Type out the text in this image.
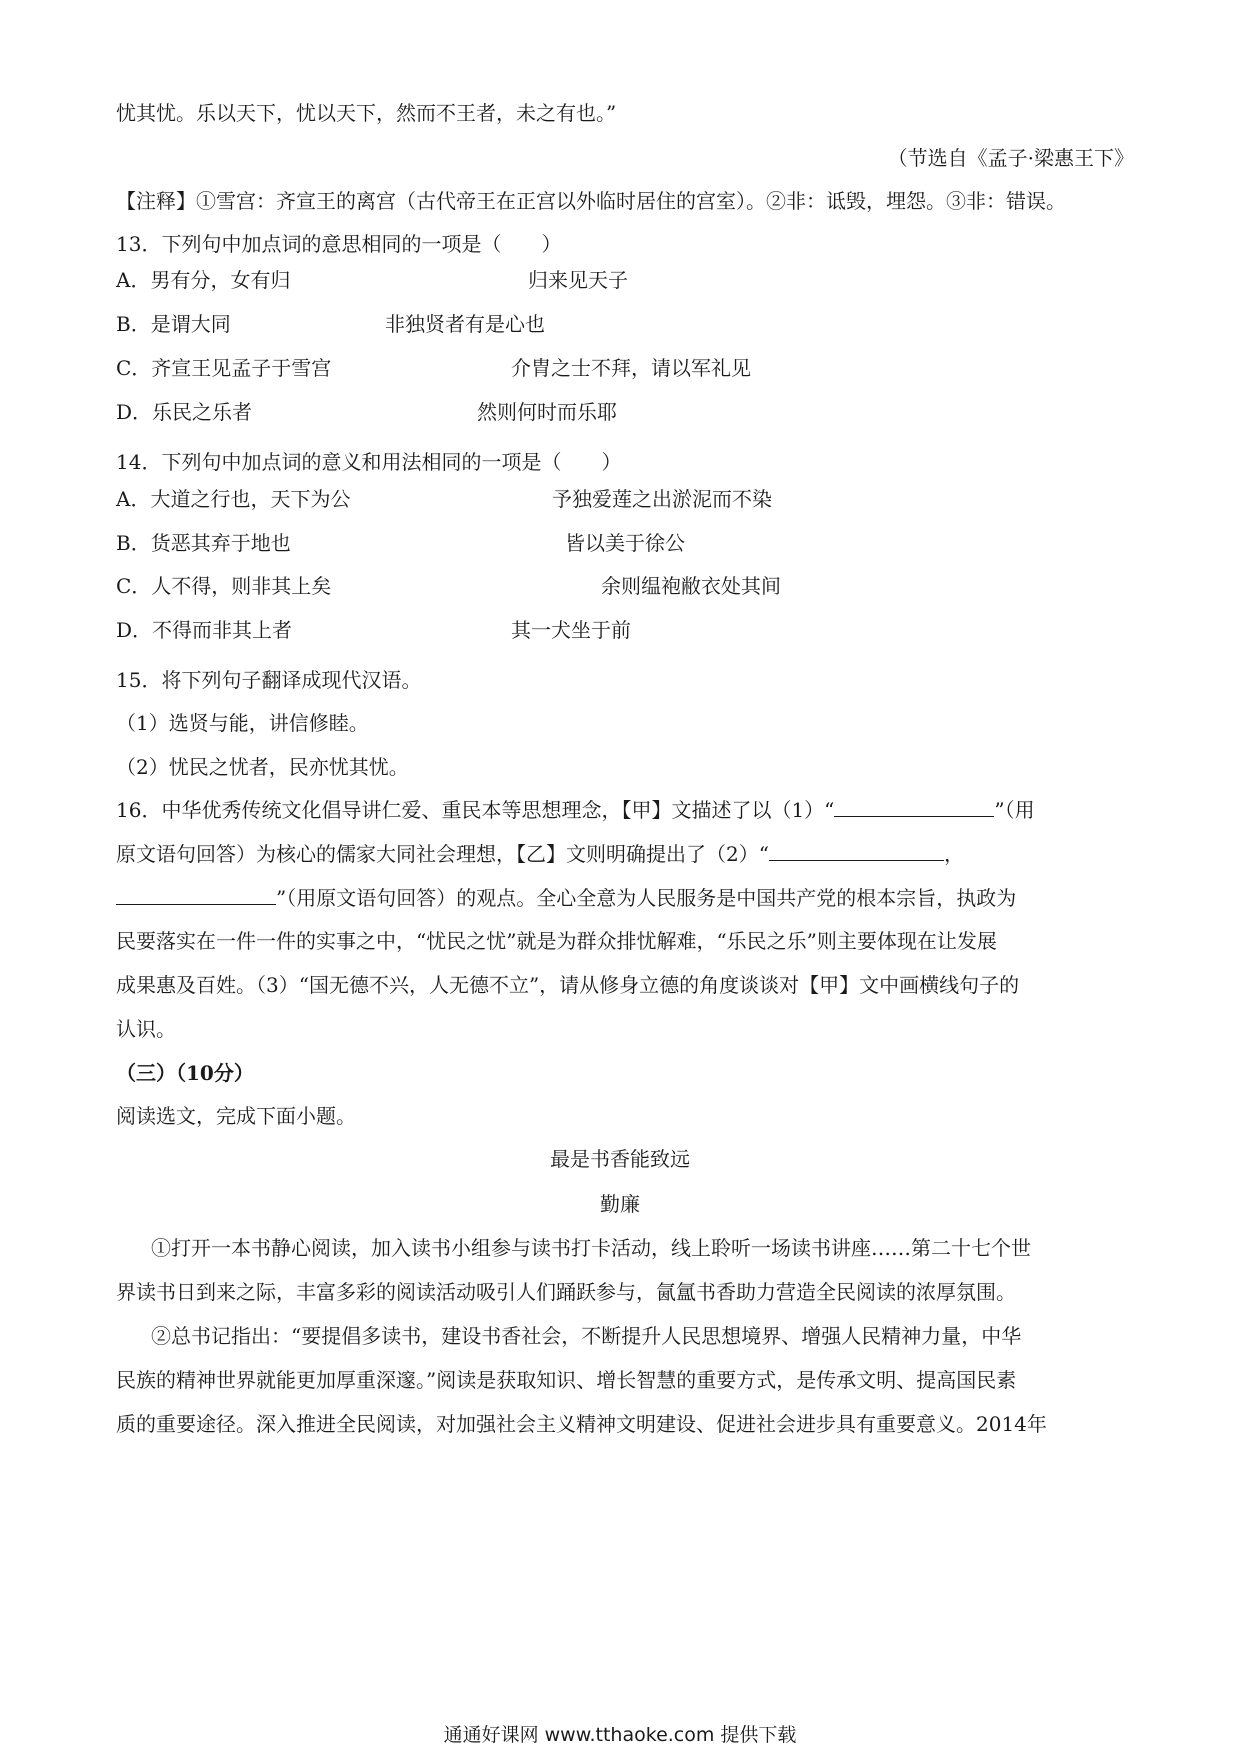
忧其忧。乐以天下，忧以天下，然而不王者，未之有也。”
（节选自《孟子·梁惠王下》
【注释】①雪宫：齐宣王的离宫（古代帝王在正宫以外临时居住的宫室）。②非：诋毁，埋怨。③非：错误。
13．下列句中加点词的意思相同的一项是（　　）
A．男有分，女有归	归来见天子
B．是谓大同	非独贤者有是心也
C．齐宣王见孟子于雪宫	介胄之士不拜，请以军礼见
D．乐民之乐者	然则何时而乐耶
14．下列句中加点词的意义和用法相同的一项是（　　）
A．大道之行也，天下为公	予独爱莲之出淤泥而不染
B．货恶其弃于地也	皆以美于徐公
C．人不得，则非其上矣	余则缊袍敝衣处其间
D．不得而非其上者	其一犬坐于前
15．将下列句子翻译成现代汉语。
（1）选贤与能，讲信修睦。
（2）忧民之忧者，民亦忧其忧。
16．中华优秀传统文化倡导讲仁爱、重民本等思想理念，【甲】文描述了以（1）“	”（用
原文语句回答）为核心的儒家大同社会理想，【乙】文则明确提出了（2）“	，
”（用原文语句回答）的观点。全心全意为人民服务是中国共产党的根本宗旨，执政为
民要落实在一件一件的实事之中，“忧民之忧”就是为群众排忧解难，“乐民之乐”则主要体现在让发展
成果惠及百姓。（3）“国无德不兴，人无德不立”，请从修身立德的角度谈谈对【甲】文中画横线句子的
认识。
（三）（10分）
阅读选文，完成下面小题。
最是书香能致远
勤廉
①打开一本书静心阅读，加入读书小组参与读书打卡活动，线上聆听一场读书讲座……第二十七个世
界读书日到来之际，丰富多彩的阅读活动吸引人们踊跃参与，氤氲书香助力营造全民阅读的浓厚氛围。
②总书记指出：“要提倡多读书，建设书香社会，不断提升人民思想境界、增强人民精神力量，中华
民族的精神世界就能更加厚重深邃。”阅读是获取知识、增长智慧的重要方式，是传承文明、提高国民素
质的重要途径。深入推进全民阅读，对加强社会主义精神文明建设、促进社会进步具有重要意义。2014年
通通好课网 www.tthaoke.com 提供下载
